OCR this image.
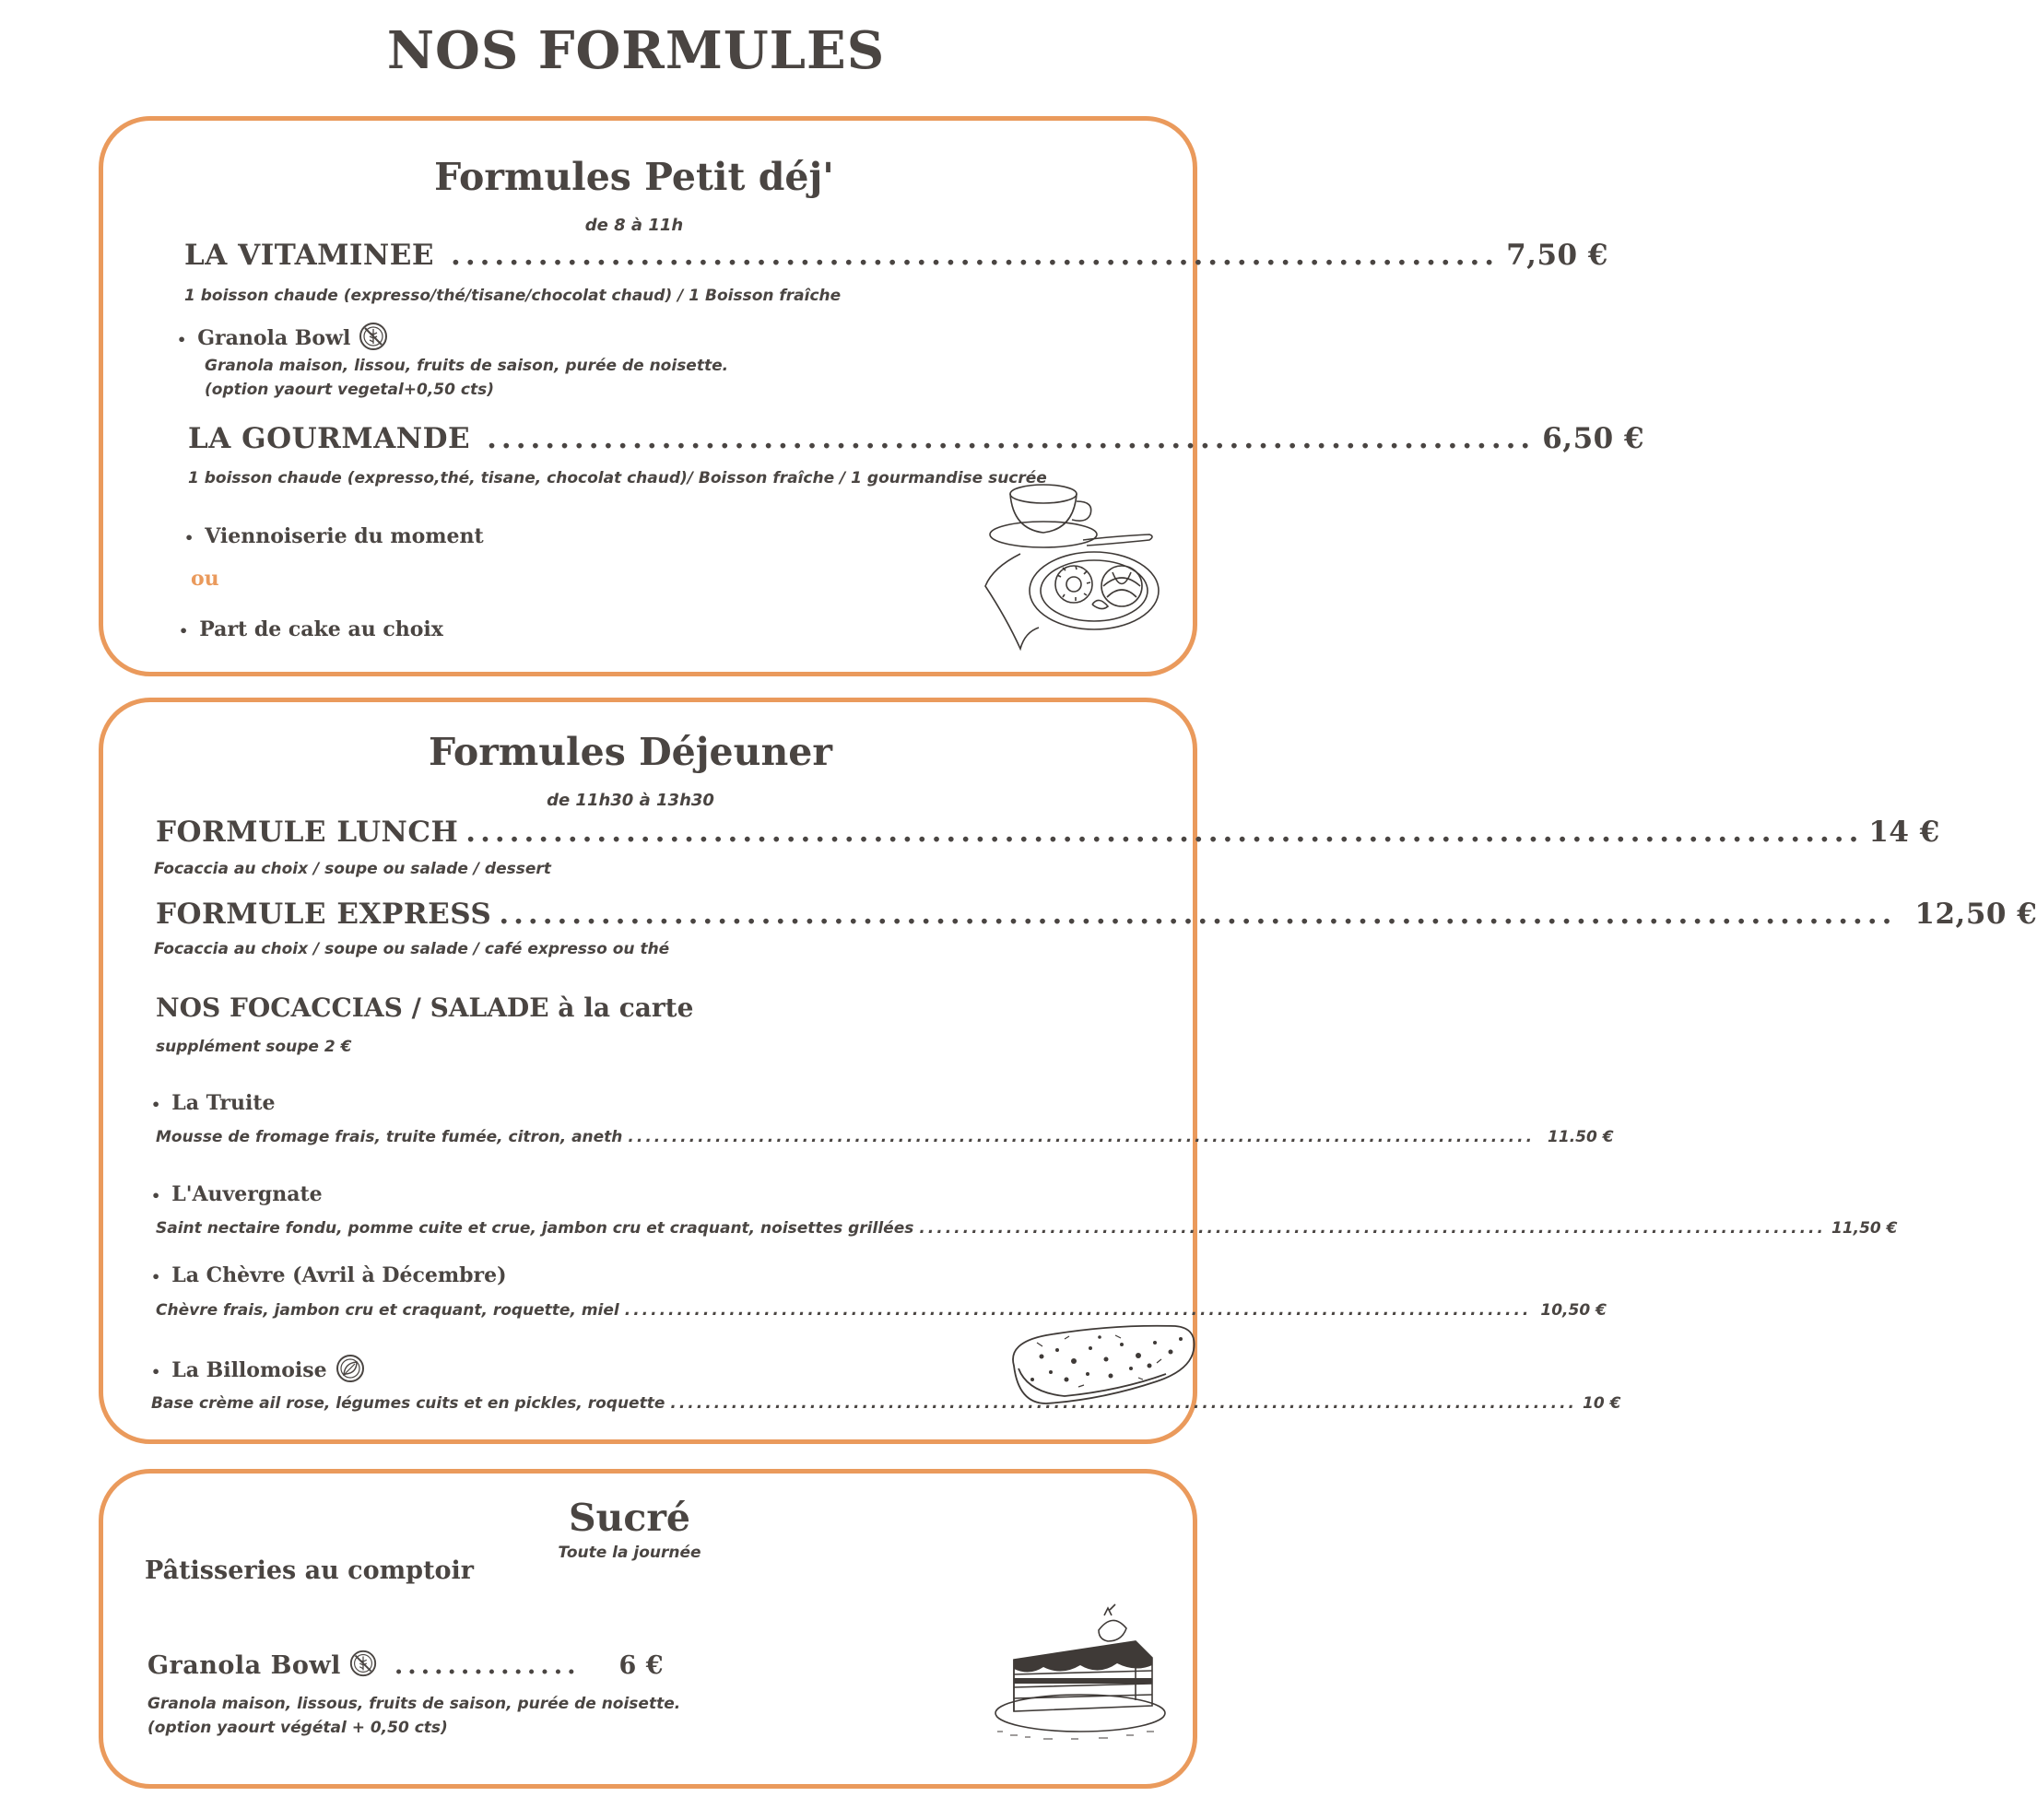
NOS FORMULES
Formules Petit déj'
de 8 à 11h
LA VITAMINEE ........................................................................ 7,50 €
1 boisson chaude (expresso/thé/tisane/chocolat chaud) / 1 Boisson fraîche
• Granola Bowl
Granola maison, lissou, fruits de saison, purée de noisette.
(option yaourt vegetal+0,50 cts)
LA GOURMANDE ........................................................................ 6,50 €
1 boisson chaude (expresso,thé, tisane, chocolat chaud)/ Boisson fraîche / 1 gourmandise sucrée
• Viennoiserie du moment
ou
• Part de cake au choix
Formules Déjeuner
de 11h30 à 13h30
FORMULE LUNCH ................................................................................................ 14 €
Focaccia au choix / soupe ou salade / dessert
FORMULE EXPRESS ................................................................................................ 12,50 €
Focaccia au choix / soupe ou salade / café expresso ou thé
NOS FOCACCIAS / SALADE à la carte
supplément soupe 2 €
• La Truite
Mousse de fromage frais, truite fumée, citron, aneth ........................................................................................................ 11.50 €
• L'Auvergnate
Saint nectaire fondu, pomme cuite et crue, jambon cru et craquant, noisettes grillées ........................................................................................................ 11,50 €
• La Chèvre (Avril à Décembre)
Chèvre frais, jambon cru et craquant, roquette, miel ........................................................................................................ 10,50 €
• La Billomoise
Base crème ail rose, légumes cuits et en pickles, roquette ........................................................................................................ 10 €
Sucré
Toute la journée
Pâtisseries au comptoir
Granola Bowl .............. 6 €
Granola maison, lissous, fruits de saison, purée de noisette.
(option yaourt végétal + 0,50 cts)
